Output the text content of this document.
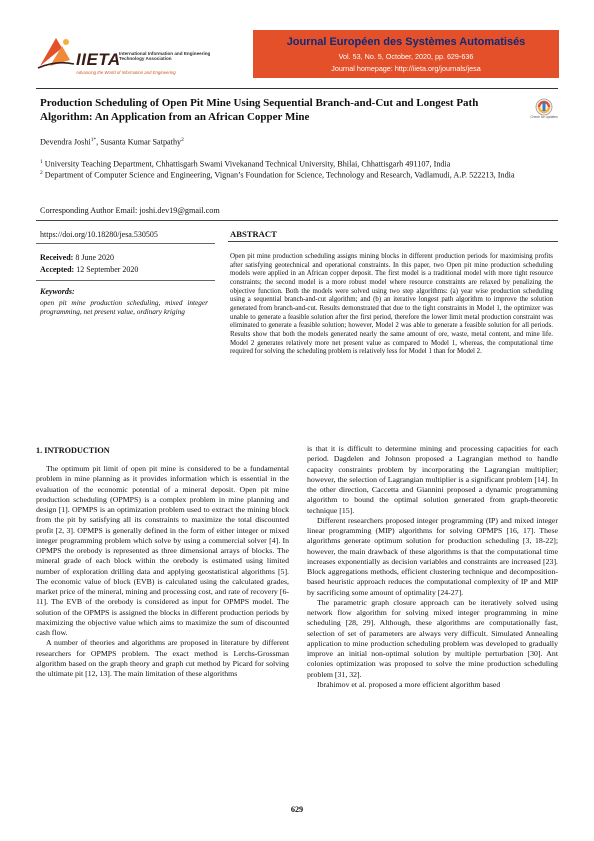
IIETA
International Information and Engineering Technology Association
Advancing the World of Information and Engineering
Journal Européen des Systèmes Automatisés
Vol. 53, No. 5, October, 2020, pp. 629-636
Journal homepage: http://iieta.org/journals/jesa
Production Scheduling of Open Pit Mine Using Sequential Branch-and-Cut and Longest Path Algorithm: An Application from an African Copper Mine	Check for updates
Devendra Joshi$^{1*}$, Susanta Kumar Satpathy$^2$
$^1$ University Teaching Department, Chhattisgarh Swami Vivekanand Technical University, Bhilai, Chhattisgarh 491107, India
$^2$ Department of Computer Science and Engineering, Vignan’s Foundation for Science, Technology and Research, Vadlamudi, A.P. 522213, India
Corresponding Author Email: joshi.dev19@gmail.com
https://doi.org/10.18280/jesa.530505
Received: 8 June 2020
Accepted: 12 September 2020
Keywords:
open pit mine production scheduling, mixed integer programming, net present value, ordinary kriging
ABSTRACT
Open pit mine production scheduling assigns mining blocks in different production periods for maximising profits after satisfying geotechnical and operational constraints. In this paper, two Open pit mine production scheduling models were applied in an African copper deposit. The first model is a traditional model with more tight resource constraints; the second model is a more robust model where resource constraints are relaxed by penalizing the objective function. Both the models were solved using two step algorithms: (a) year wise production scheduling using a sequential branch-and-cut algorithm; and (b) an iterative longest path algorithm to improve the solution generated from branch-and-cut. Results demonstrated that due to the tight constraints in Model 1, the optimizer was unable to generate a feasible solution after the first period, therefore the lower limit metal production constraint was eliminated to generate a feasible solution; however, Model 2 was able to generate a feasible solution for all periods. Results show that both the models generated nearly the same amount of ore, waste, metal content, and mine life. Model 2 generates relatively more net present value as compared to Model 1, whereas, the computational time required for solving the scheduling problem is relatively less for Model 1 than for Model 2.
1. INTRODUCTION

The optimum pit limit of open pit mine is considered to be a fundamental problem in mine planning as it provides information which is essential in the evaluation of the economic potential of a mineral deposit. Open pit mine production scheduling (OPMPS) is a complex problem in mine planning and design [1]. OPMPS is an optimization problem used to extract the mining block from the pit by satisfying all its constraints to maximize the total discounted profit [2, 3]. OPMPS is generally defined in the form of either integer or mixed integer programming problem which solve by using a commercial solver [4]. In OPMPS the orebody is represented as three dimensional arrays of blocks. The mineral grade of each block within the orebody is estimated using limited number of exploration drilling data and applying geostatistical algorithms [5]. The economic value of block (EVB) is calculated using the calculated grades, market price of the mineral, mining and processing cost, and rate of recovery [6-11]. The EVB of the orebody is considered as input for OPMPS model. The solution of the OPMPS is assigned the blocks in different production periods by maximizing the objective value which aims to maximize the sum of discounted cash flow.

A number of theories and algorithms are proposed in literature by different researchers for OPMPS problem. The exact method is Lerchs-Grossman algorithm based on the graph theory and graph cut method by Picard for solving the ultimate pit [12, 13]. The main limitation of these algorithms

is that it is difficult to determine mining and processing capacities for each period. Dagdelen and Johnson proposed a Lagrangian method to handle capacity constraints problem by incorporating the Lagrangian multiplier; however, the selection of Lagrangian multiplier is a significant problem [14]. In the other direction, Caccetta and Giannini proposed a dynamic programming algorithm to bound the optimal solution generated from graph-theoretic technique [15].

Different researchers proposed integer programming (IP) and mixed integer linear programming (MIP) algorithms for solving OPMPS [16, 17]. These algorithms generate optimum solution for production scheduling [3, 18-22]; however, the main drawback of these algorithms is that the computational time increases exponentially as decision variables and constraints are increased [23]. Block aggregations methods, efficient clustering technique and decomposition-based heuristic approach reduces the computational complexity of IP and MIP by sacrificing some amount of optimality [24-27].

The parametric graph closure approach can be iteratively solved using network flow algorithm for solving mixed integer programming in mine scheduling [28, 29]. Although, these algorithms are computationally fast, selection of set of parameters are always very difficult. Simulated Annealing application to mine production scheduling problem was developed to gradually improve an initial non-optimal solution by multiple perturbation [30]. Ant colonies optimization was proposed to solve the mine production scheduling problem [31, 32].

Ibrahimov et al. proposed a more efficient algorithm based

629
